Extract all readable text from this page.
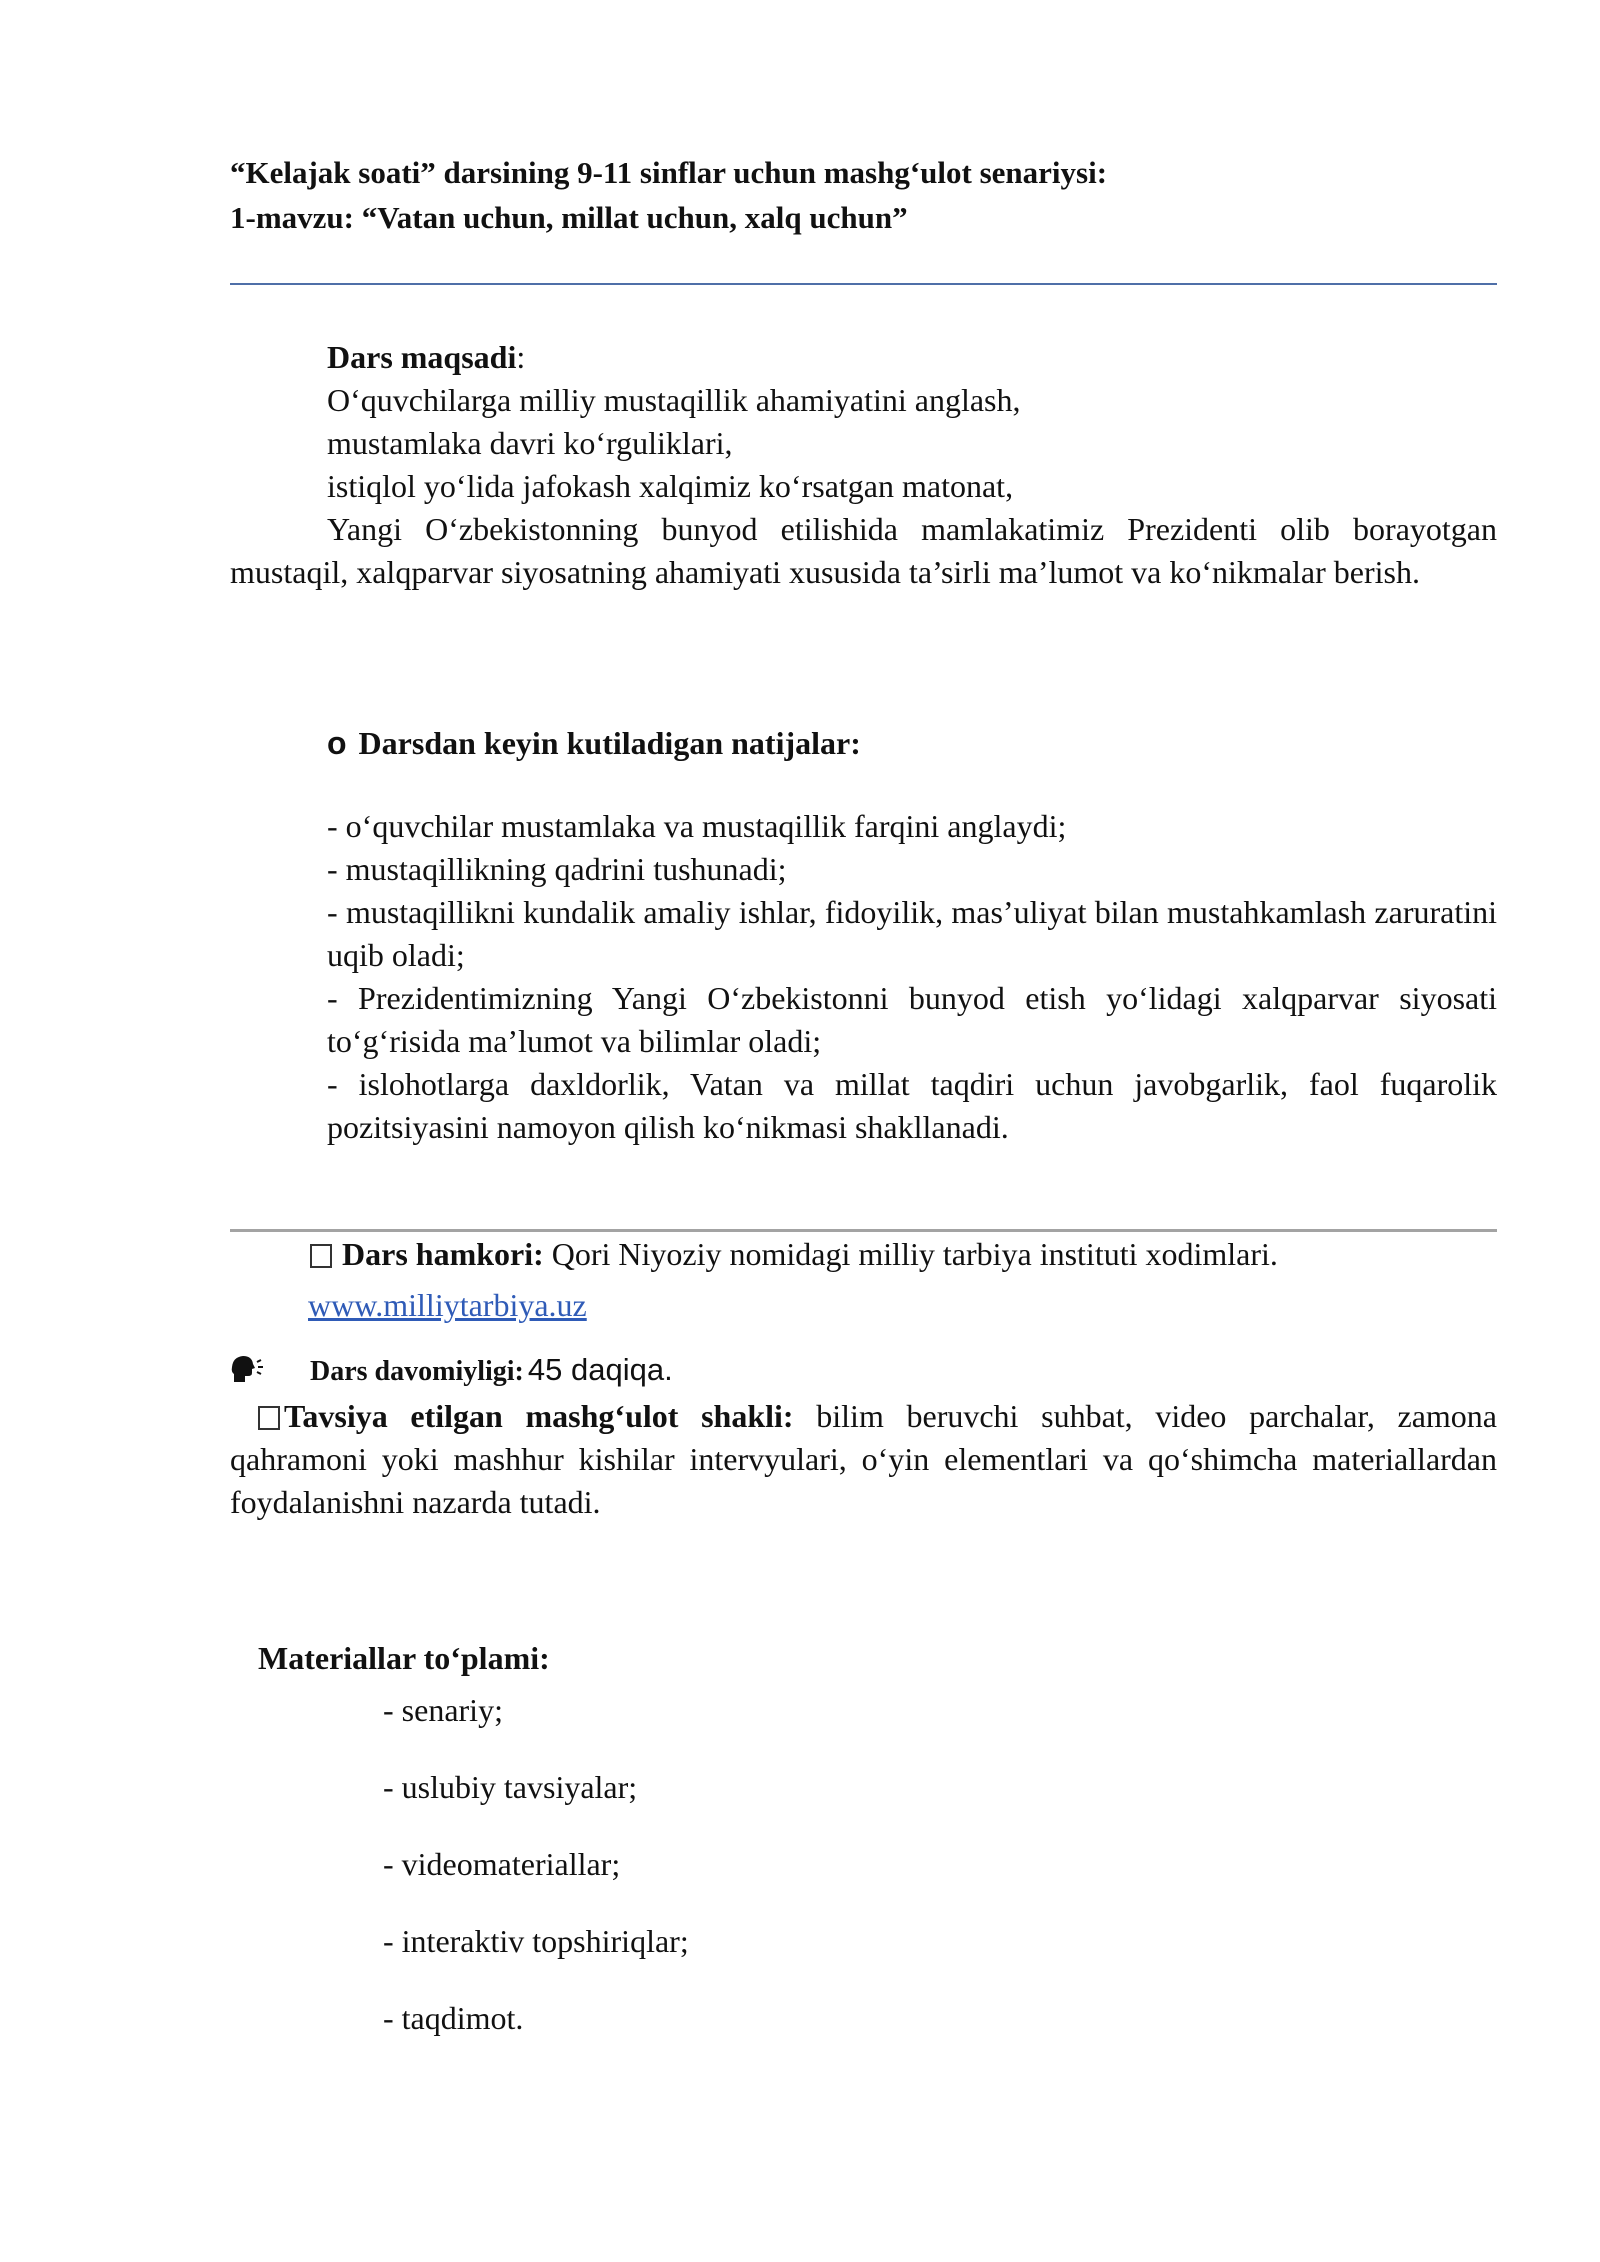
“Kelajak soati” darsining 9-11 sinflar uchun mashg‘ulot senariysi:
1-mavzu: “Vatan uchun, millat uchun, xalq uchun”
Dars maqsadi:
O‘quvchilarga milliy mustaqillik ahamiyatini anglash,
mustamlaka davri ko‘rguliklari,
istiqlol yo‘lida jafokash xalqimiz ko‘rsatgan matonat,
Yangi O‘zbekistonning bunyod etilishida mamlakatimiz Prezidenti olib borayotgan mustaqil, xalqparvar siyosatning ahamiyati xususida ta’sirli ma’lumot va ko‘nikmalar berish.
o Darsdan keyin kutiladigan natijalar:
- o‘quvchilar mustamlaka va mustaqillik farqini anglaydi;
- mustaqillikning qadrini tushunadi;
- mustaqillikni kundalik amaliy ishlar, fidoyilik, mas’uliyat bilan mustahkamlash zaruratini uqib oladi;
- Prezidentimizning Yangi O‘zbekistonni bunyod etish yo‘lidagi xalqparvar siyosati to‘g‘risida ma’lumot va bilimlar oladi;
- islohotlarga daxldorlik, Vatan va millat taqdiri uchun javobgarlik, faol fuqarolik pozitsiyasini namoyon qilish ko‘nikmasi shakllanadi.
Dars hamkori: Qori Niyoziy nomidagi milliy tarbiya instituti xodimlari.
www.milliytarbiya.uz
Dars davomiyligi: 45 daqiqa.
Tavsiya etilgan mashg‘ulot shakli: bilim beruvchi suhbat, video parchalar, zamona qahramoni yoki mashhur kishilar intervyulari, o‘yin elementlari va qo‘shimcha materiallardan foydalanishni nazarda tutadi.
Materiallar to‘plami:
- senariy;
- uslubiy tavsiyalar;
- videomateriallar;
- interaktiv topshiriqlar;
- taqdimot.
